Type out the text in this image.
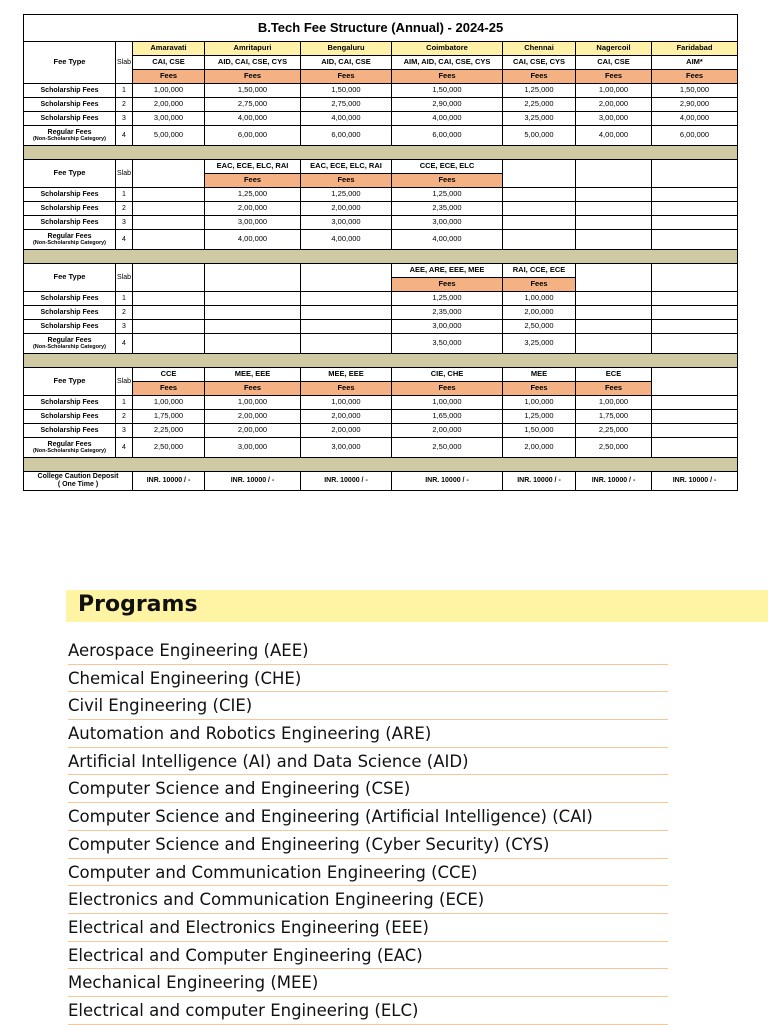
B.Tech Fee Structure (Annual) - 2024-25								
Fee Type	Slab	Amaravati	Amritapuri	Bengaluru	Coimbatore	Chennai	Nagercoil	Faridabad
		CAI, CSE	AID, CAI, CSE, CYS	AID, CAI, CSE	AIM, AID, CAI, CSE, CYS	CAI, CSE, CYS	CAI, CSE	AIM*
		Fees	Fees	Fees	Fees	Fees	Fees	Fees
Scholarship Fees	1	1,00,000	1,50,000	1,50,000	1,50,000	1,25,000	1,00,000	1,50,000
Scholarship Fees	2	2,00,000	2,75,000	2,75,000	2,90,000	2,25,000	2,00,000	2,90,000
Scholarship Fees	3	3,00,000	4,00,000	4,00,000	4,00,000	3,25,000	3,00,000	4,00,000
Regular Fees
(Non-Scholarship Category)	4	5,00,000	6,00,000	6,00,000	6,00,000	5,00,000	4,00,000	6,00,000

Fee Type	Slab		EAC, ECE, ELC, RAI	EAC, ECE, ELC, RAI	CCE, ECE, ELC			
			Fees	Fees	Fees			
Scholarship Fees	1		1,25,000	1,25,000	1,25,000			
Scholarship Fees	2		2,00,000	2,00,000	2,35,000			
Scholarship Fees	3		3,00,000	3,00,000	3,00,000			
Regular Fees
(Non-Scholarship Category)	4		4,00,000	4,00,000	4,00,000			

Fee Type	Slab				AEE, ARE, EEE, MEE	RAI, CCE, ECE		
					Fees	Fees		
Scholarship Fees	1				1,25,000	1,00,000		
Scholarship Fees	2				2,35,000	2,00,000		
Scholarship Fees	3				3,00,000	2,50,000		
Regular Fees
(Non-Scholarship Category)	4				3,50,000	3,25,000		

Fee Type	Slab	CCE	MEE, EEE	MEE, EEE	CIE, CHE	MEE	ECE	
		Fees	Fees	Fees	Fees	Fees	Fees	
Scholarship Fees	1	1,00,000	1,00,000	1,00,000	1,00,000	1,00,000	1,00,000	
Scholarship Fees	2	1,75,000	2,00,000	2,00,000	1,65,000	1,25,000	1,75,000	
Scholarship Fees	3	2,25,000	2,00,000	2,00,000	2,00,000	1,50,000	2,25,000	
Regular Fees
(Non-Scholarship Category)	4	2,50,000	3,00,000	3,00,000	2,50,000	2,00,000	2,50,000	

College Caution Deposit
( One Time )		INR. 10000 / -	INR. 10000 / -	INR. 10000 / -	INR. 10000 / -	INR. 10000 / -	INR. 10000 / -	INR. 10000 / -
Programs
Aerospace Engineering (AEE)
Chemical Engineering (CHE)
Civil Engineering (CIE)
Automation and Robotics Engineering (ARE)
Artificial Intelligence (AI) and Data Science (AID)
Computer Science and Engineering (CSE)
Computer Science and Engineering (Artificial Intelligence) (CAI)
Computer Science and Engineering (Cyber Security) (CYS)
Computer and Communication Engineering (CCE)
Electronics and Communication Engineering (ECE)
Electrical and Electronics Engineering (EEE)
Electrical and Computer Engineering (EAC)
Mechanical Engineering (MEE)
Electrical and computer Engineering (ELC)
